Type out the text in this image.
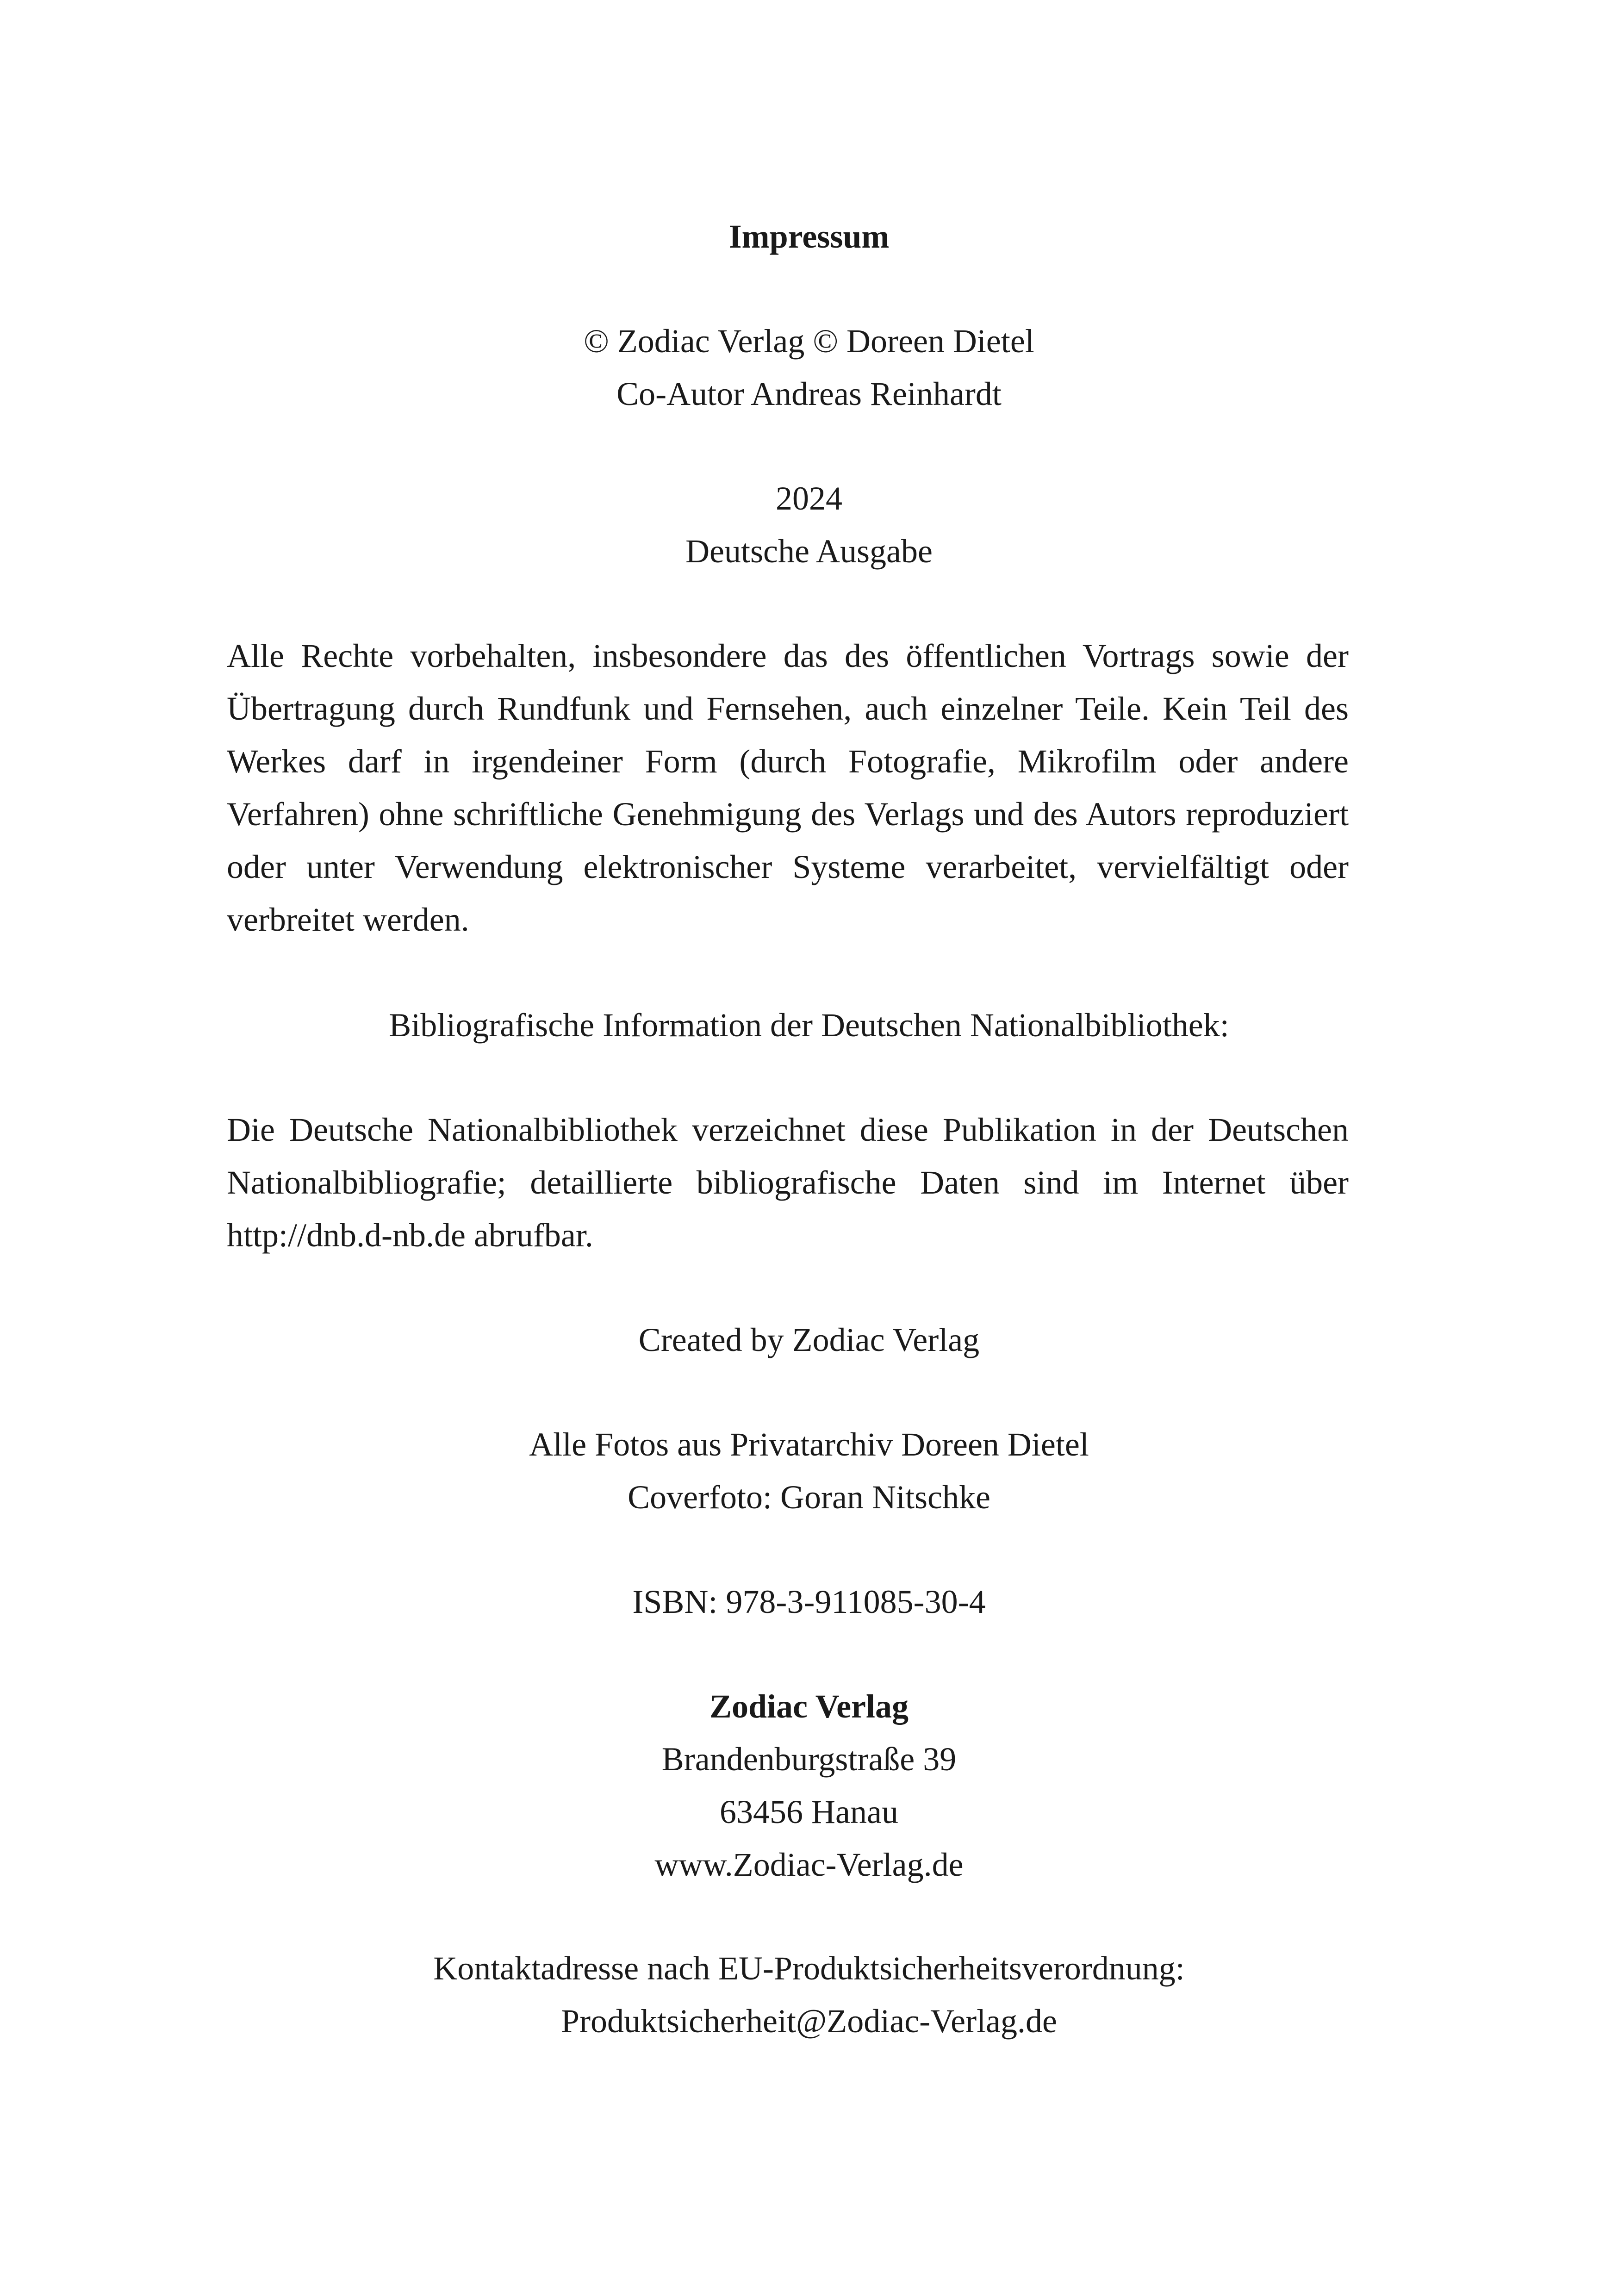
Impressum

© Zodiac Verlag © Doreen Dietel
Co-Autor Andreas Reinhardt
2024
Deutsche Ausgabe

Alle Rechte vorbehalten, insbesondere das des öffentlichen Vortrags sowie der Übertragung durch Rundfunk und Fernsehen, auch einzelner Teile. Kein Teil des Werkes darf in irgendeiner Form (durch Fotografie, Mikrofilm oder andere Verfahren) ohne schriftliche Genehmigung des Verlags und des Autors reproduziert oder unter Verwendung elektronischer Systeme verarbeitet, vervielfältigt oder verbreitet werden.

Bibliografische Information der Deutschen Nationalbibliothek:

Die Deutsche Nationalbibliothek verzeichnet diese Publikation in der Deutschen Nationalbibliografie; detaillierte bibliografische Daten sind im Internet über http://dnb.d-nb.de abrufbar.

Created by Zodiac Verlag

Alle Fotos aus Privatarchiv Doreen Dietel
Coverfoto: Goran Nitschke

ISBN: 978-3-911085-30-4

Zodiac Verlag
Brandenburgstraße 39
63456 Hanau
www.Zodiac-Verlag.de
Kontaktadresse nach EU-Produktsicherheitsverordnung:
Produktsicherheit@Zodiac-Verlag.de
